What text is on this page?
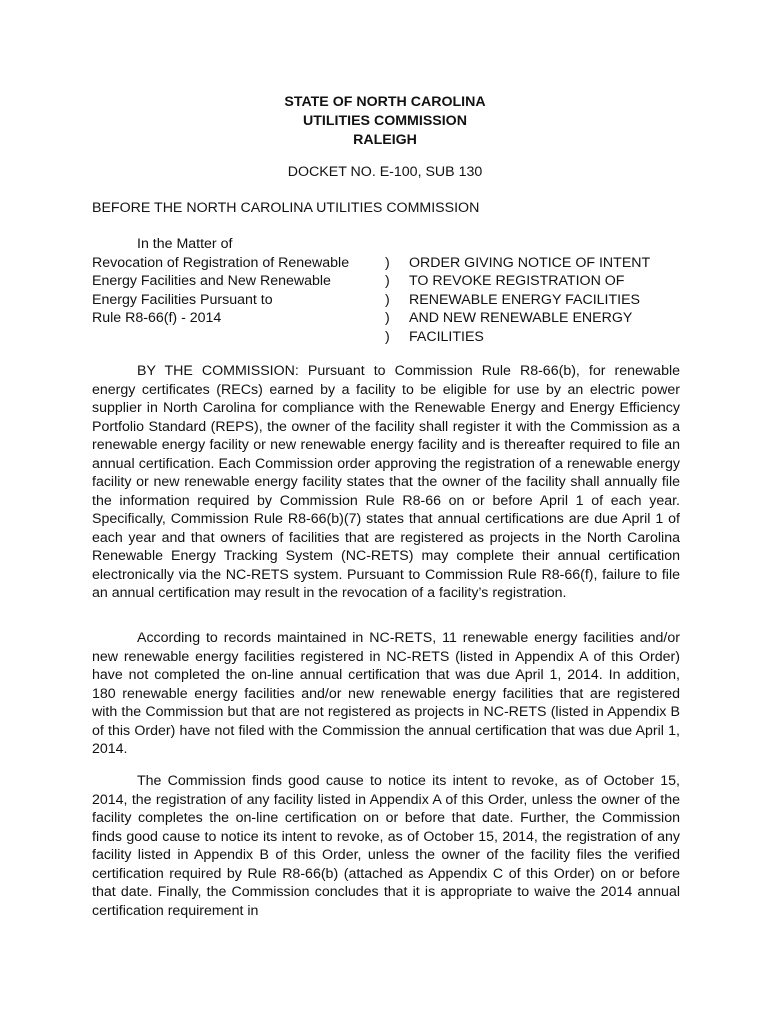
STATE OF NORTH CAROLINA
UTILITIES COMMISSION
RALEIGH
DOCKET NO. E-100, SUB 130
BEFORE THE NORTH CAROLINA UTILITIES COMMISSION
In the Matter of
Revocation of Registration of Renewable
Energy Facilities and New Renewable
Energy Facilities Pursuant to
Rule R8-66(f) - 2014
)
)
)
)
)
ORDER GIVING NOTICE OF INTENT
TO REVOKE REGISTRATION OF
RENEWABLE ENERGY FACILITIES
AND NEW RENEWABLE ENERGY
FACILITIES

BY THE COMMISSION: Pursuant to Commission Rule R8-66(b), for renewable energy certificates (RECs) earned by a facility to be eligible for use by an electric power supplier in North Carolina for compliance with the Renewable Energy and Energy Efficiency Portfolio Standard (REPS), the owner of the facility shall register it with the Commission as a renewable energy facility or new renewable energy facility and is thereafter required to file an annual certification. Each Commission order approving the registration of a renewable energy facility or new renewable energy facility states that the owner of the facility shall annually file the information required by Commission Rule R8-66 on or before April 1 of each year. Specifically, Commission Rule R8-66(b)(7) states that annual certifications are due April 1 of each year and that owners of facilities that are registered as projects in the North Carolina Renewable Energy Tracking System (NC-RETS) may complete their annual certification electronically via the NC-RETS system. Pursuant to Commission Rule R8-66(f), failure to file an annual certification may result in the revocation of a facility’s registration.

According to records maintained in NC-RETS, 11 renewable energy facilities and/or new renewable energy facilities registered in NC-RETS (listed in Appendix A of this Order) have not completed the on-line annual certification that was due April 1, 2014. In addition, 180 renewable energy facilities and/or new renewable energy facilities that are registered with the Commission but that are not registered as projects in NC-RETS (listed in Appendix B of this Order) have not filed with the Commission the annual certification that was due April 1, 2014.

The Commission finds good cause to notice its intent to revoke, as of October 15, 2014, the registration of any facility listed in Appendix A of this Order, unless the owner of the facility completes the on-line certification on or before that date. Further, the Commission finds good cause to notice its intent to revoke, as of October 15, 2014, the registration of any facility listed in Appendix B of this Order, unless the owner of the facility files the verified certification required by Rule R8-66(b) (attached as Appendix C of this Order) on or before that date. Finally, the Commission concludes that it is appropriate to waive the 2014 annual certification requirement in
